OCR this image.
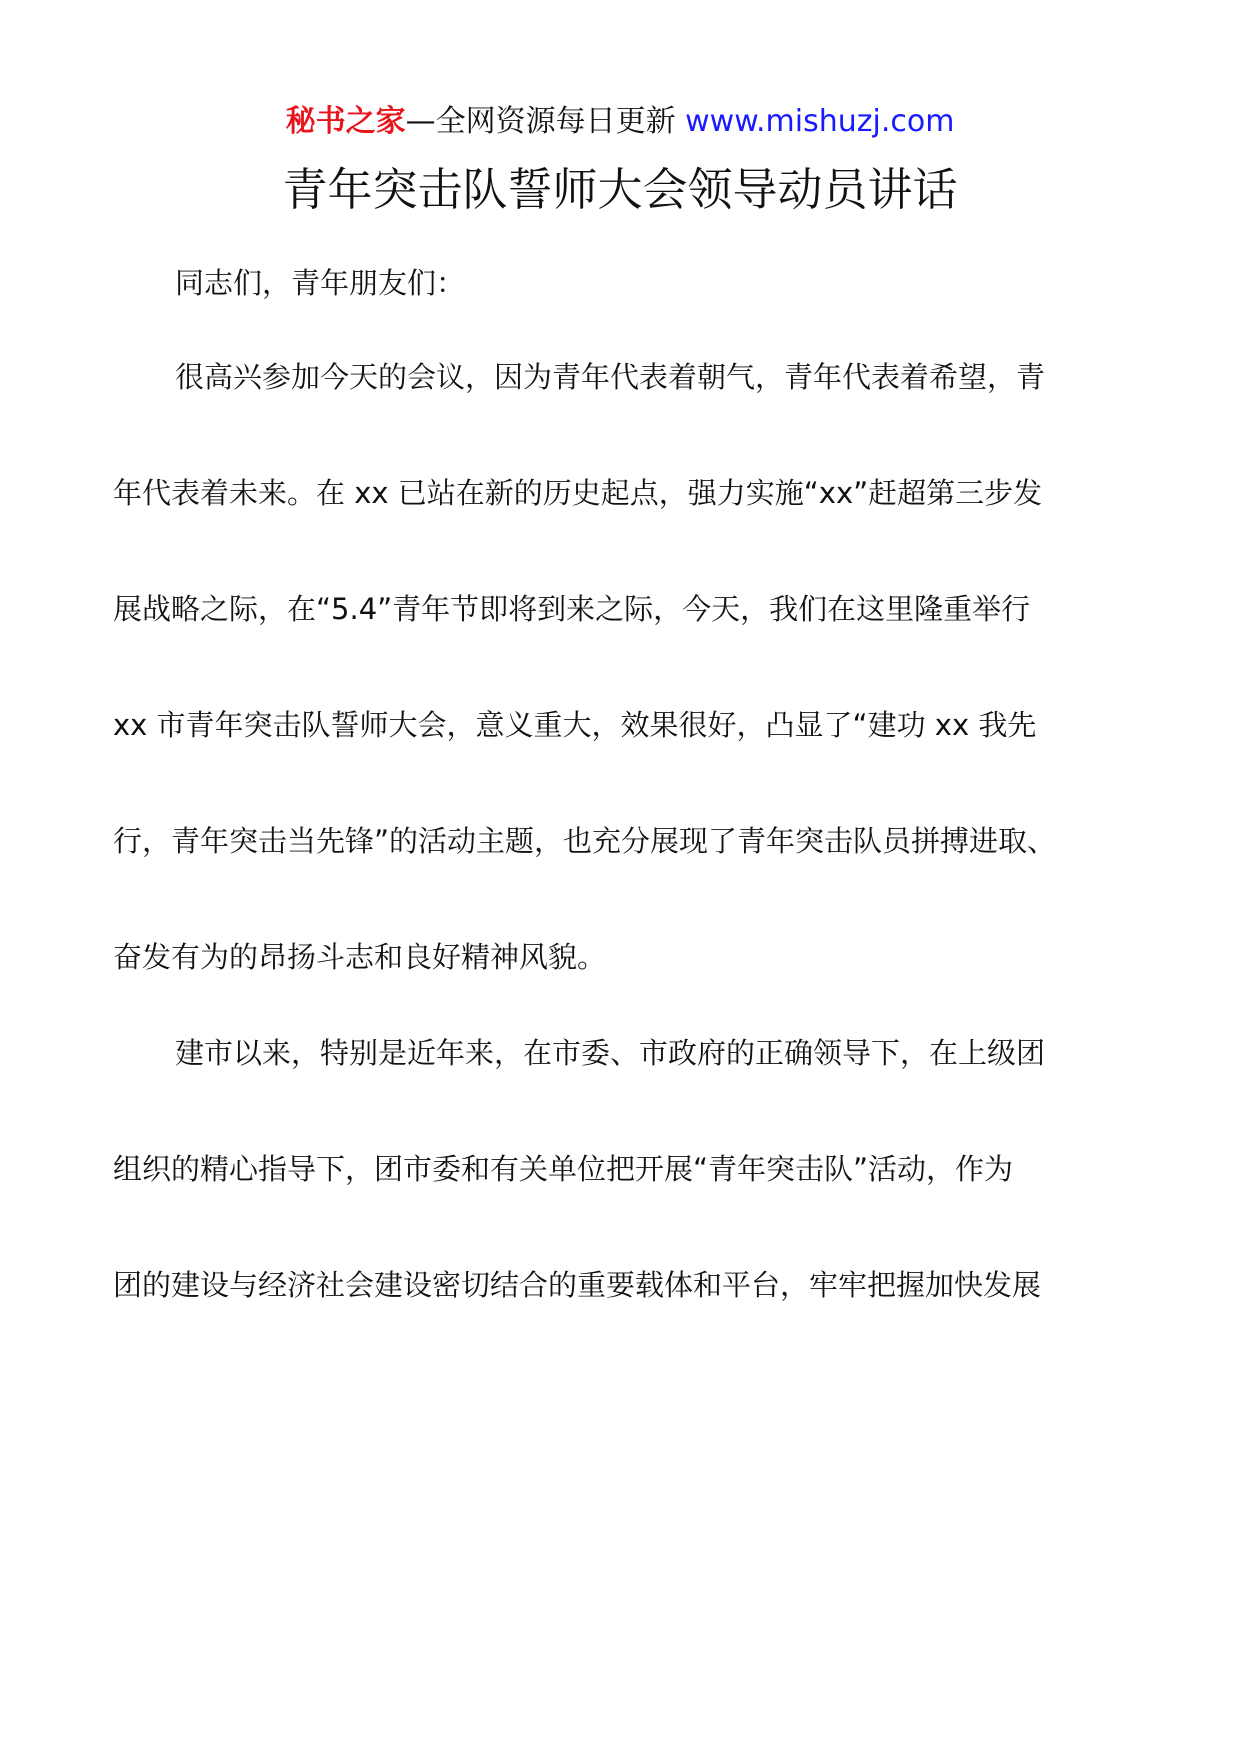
秘书之家—全网资源每日更新 www.mishuzj.com
青年突击队誓师大会领导动员讲话
同志们，青年朋友们：
很高兴参加今天的会议，因为青年代表着朝气，青年代表着希望，青
年代表着未来。在 xx 已站在新的历史起点，强力实施“xx”赶超第三步发
展战略之际，在“5.4”青年节即将到来之际，今天，我们在这里隆重举行
xx 市青年突击队誓师大会，意义重大，效果很好，凸显了“建功 xx 我先
行，青年突击当先锋”的活动主题，也充分展现了青年突击队员拼搏进取、
奋发有为的昂扬斗志和良好精神风貌。
建市以来，特别是近年来，在市委、市政府的正确领导下，在上级团
组织的精心指导下，团市委和有关单位把开展“青年突击队”活动，作为
团的建设与经济社会建设密切结合的重要载体和平台，牢牢把握加快发展
